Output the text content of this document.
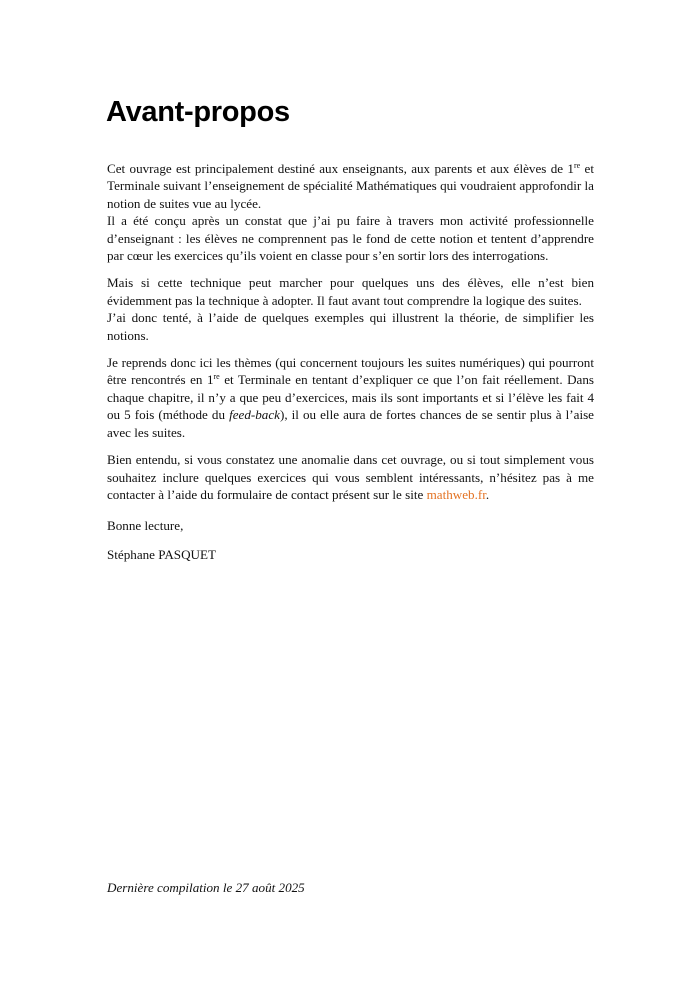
Avant-propos

Cet ouvrage est principalement destiné aux enseignants, aux parents et aux élèves de 1re et Terminale suivant l’enseignement de spécialité Mathématiques qui voudraient approfondir la notion de suites vue au lycée.
Il a été conçu après un constat que j’ai pu faire à travers mon activité professionnelle d’enseignant : les élèves ne comprennent pas le fond de cette notion et tentent d’apprendre par cœur les exercices qu’ils voient en classe pour s’en sortir lors des interrogations.

Mais si cette technique peut marcher pour quelques uns des élèves, elle n’est bien évidemment pas la technique à adopter. Il faut avant tout comprendre la logique des suites.
J’ai donc tenté, à l’aide de quelques exemples qui illustrent la théorie, de simplifier les notions.

Je reprends donc ici les thèmes (qui concernent toujours les suites numériques) qui pourront être rencontrés en 1re et Terminale en tentant d’expliquer ce que l’on fait réellement. Dans chaque chapitre, il n’y a que peu d’exercices, mais ils sont importants et si l’élève les fait 4 ou 5 fois (méthode du feed-back), il ou elle aura de fortes chances de se sentir plus à l’aise avec les suites.

Bien entendu, si vous constatez une anomalie dans cet ouvrage, ou si tout simplement vous souhaitez inclure quelques exercices qui vous semblent intéressants, n’hésitez pas à me contacter à l’aide du formulaire de contact présent sur le site mathweb.fr.

Bonne lecture,

Stéphane PASQUET

Dernière compilation le 27 août 2025
